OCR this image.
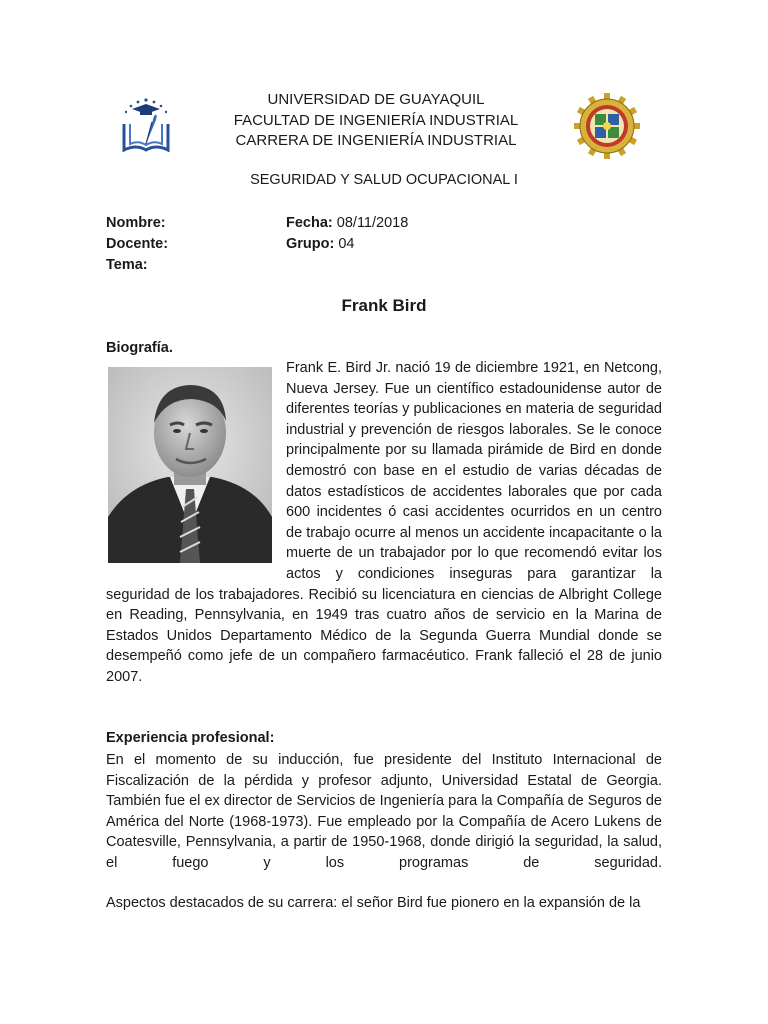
UNIVERSIDAD DE GUAYAQUIL
FACULTAD DE INGENIERÍA INDUSTRIAL
CARRERA DE INGENIERÍA INDUSTRIAL
SEGURIDAD Y SALUD OCUPACIONAL I
Nombre:	Fecha: 08/11/2018
Docente:	Grupo: 04
Tema:
Frank Bird
Biografía.

Frank E. Bird Jr. nació 19 de diciembre 1921, en Netcong, Nueva Jersey. Fue un científico estadounidense autor de diferentes teorías y publicaciones en materia de seguridad industrial y prevención de riesgos laborales. Se le conoce principalmente por su llamada pirámide de Bird en donde demostró con base en el estudio de varias décadas de datos estadísticos de accidentes laborales que por cada 600 incidentes ó casi accidentes ocurridos en un centro de trabajo ocurre al menos un accidente incapacitante o la muerte de un trabajador por lo que recomendó evitar los actos y condiciones inseguras para garantizar la seguridad de los trabajadores. Recibió su licenciatura en ciencias de Albright College en Reading, Pennsylvania, en 1949 tras cuatro años de servicio en la Marina de Estados Unidos Departamento Médico de la Segunda Guerra Mundial donde se desempeñó como jefe de un compañero farmacéutico. Frank falleció el 28 de junio 2007.

Experiencia profesional:

En el momento de su inducción, fue presidente del Instituto Internacional de Fiscalización de la pérdida y profesor adjunto, Universidad Estatal de Georgia. También fue el ex director de Servicios de Ingeniería para la Compañía de Seguros de América del Norte (1968-1973). Fue empleado por la Compañía de Acero Lukens de Coatesville, Pennsylvania, a partir de 1950-1968, donde dirigió la seguridad, la salud, el fuego y los programas de seguridad.

Aspectos destacados de su carrera: el señor Bird fue pionero en la expansión de la
